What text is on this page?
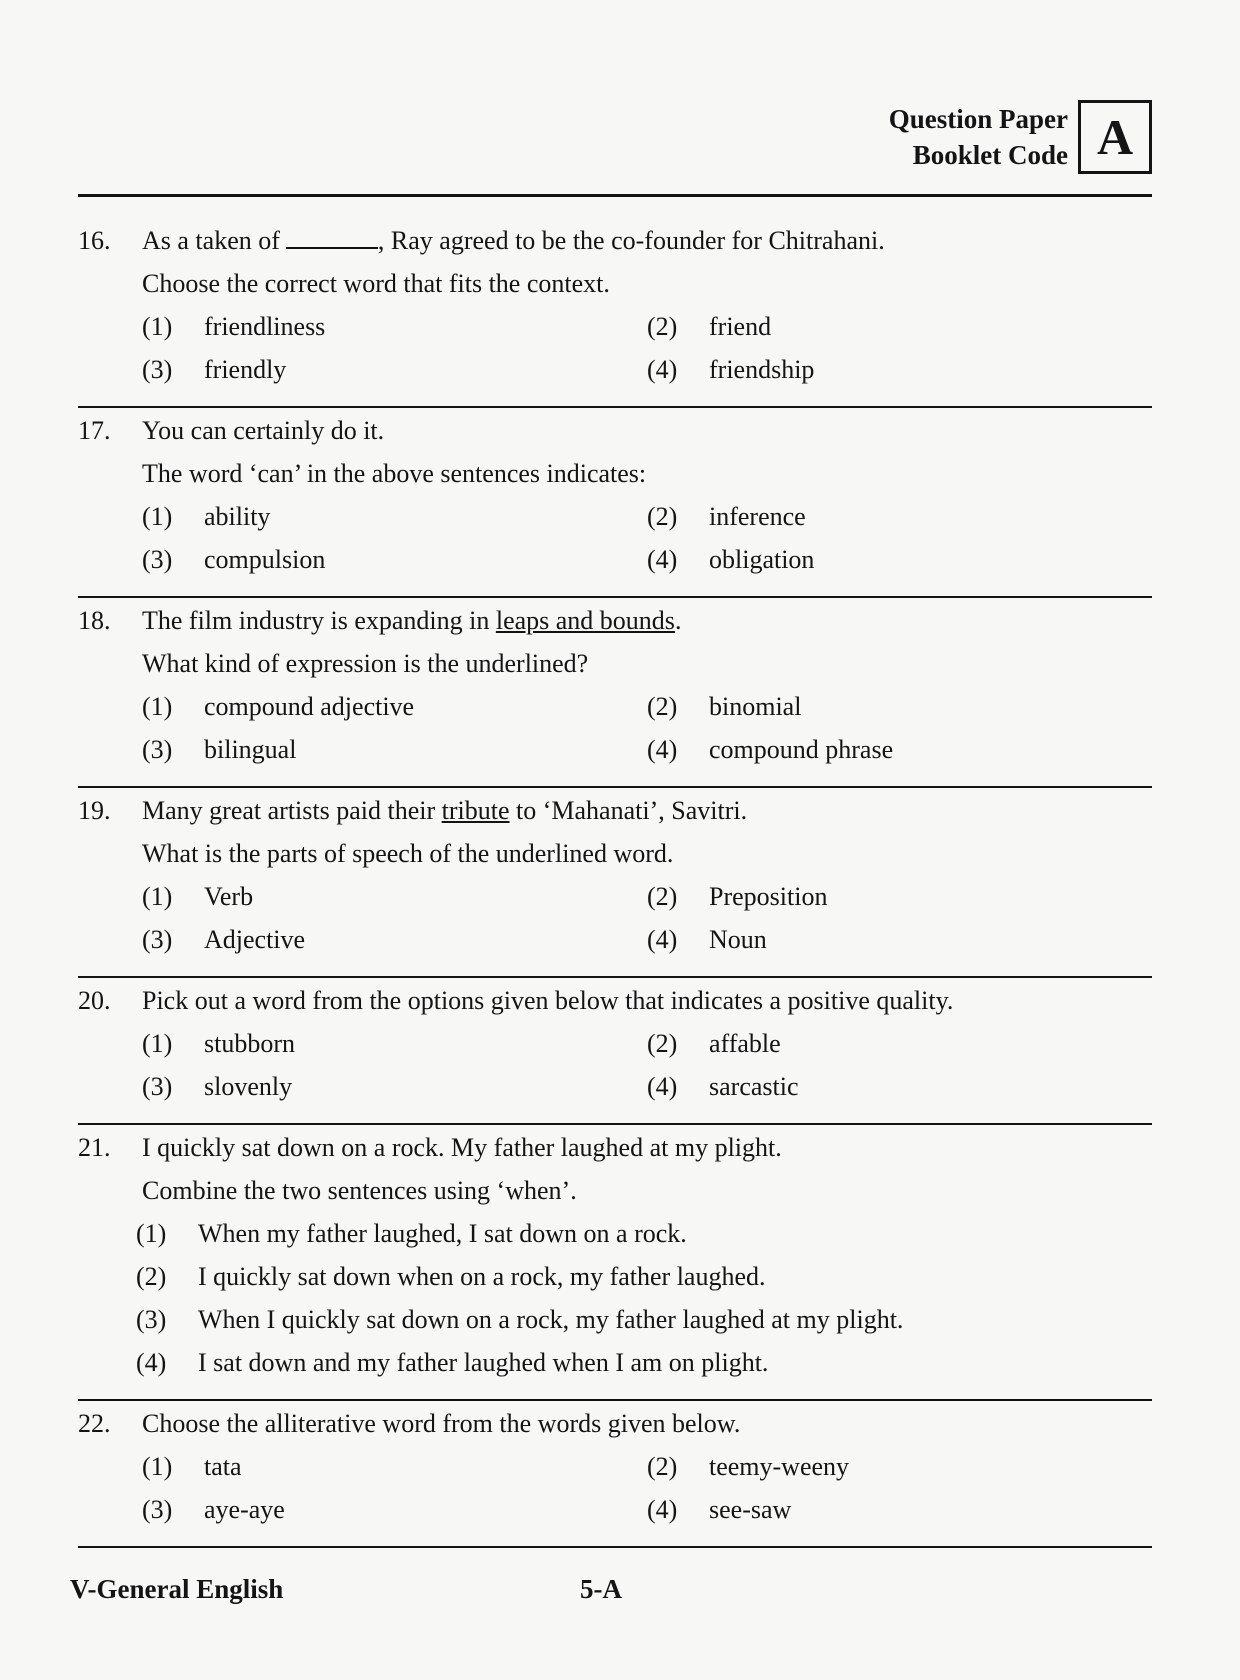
Question Paper
Booklet Code A
16.	As a taken of	, Ray agreed to be the co-founder for Chitrahani.
Choose the correct word that fits the context.
(1)	friendliness	(2)	friend
(3)	friendly	(4)	friendship
17.	You can certainly do it.
The word ‘can’ in the above sentences indicates:
(1)	ability	(2)	inference
(3)	compulsion	(4)	obligation
18.	The film industry is expanding in leaps and bounds.
What kind of expression is the underlined?
(1)	compound adjective	(2)	binomial
(3)	bilingual	(4)	compound phrase
19.	Many great artists paid their tribute to ‘Mahanati’, Savitri.
What is the parts of speech of the underlined word.
(1)	Verb	(2)	Preposition
(3)	Adjective	(4)	Noun
20.	Pick out a word from the options given below that indicates a positive quality.
(1)	stubborn	(2)	affable
(3)	slovenly	(4)	sarcastic
21.	I quickly sat down on a rock. My father laughed at my plight.
Combine the two sentences using ‘when’.
(1)	When my father laughed, I sat down on a rock.
(2)	I quickly sat down when on a rock, my father laughed.
(3)	When I quickly sat down on a rock, my father laughed at my plight.
(4)	I sat down and my father laughed when I am on plight.
22.	Choose the alliterative word from the words given below.
(1)	tata	(2)	teemy-weeny
(3)	aye-aye	(4)	see-saw
V-General English	5-A
